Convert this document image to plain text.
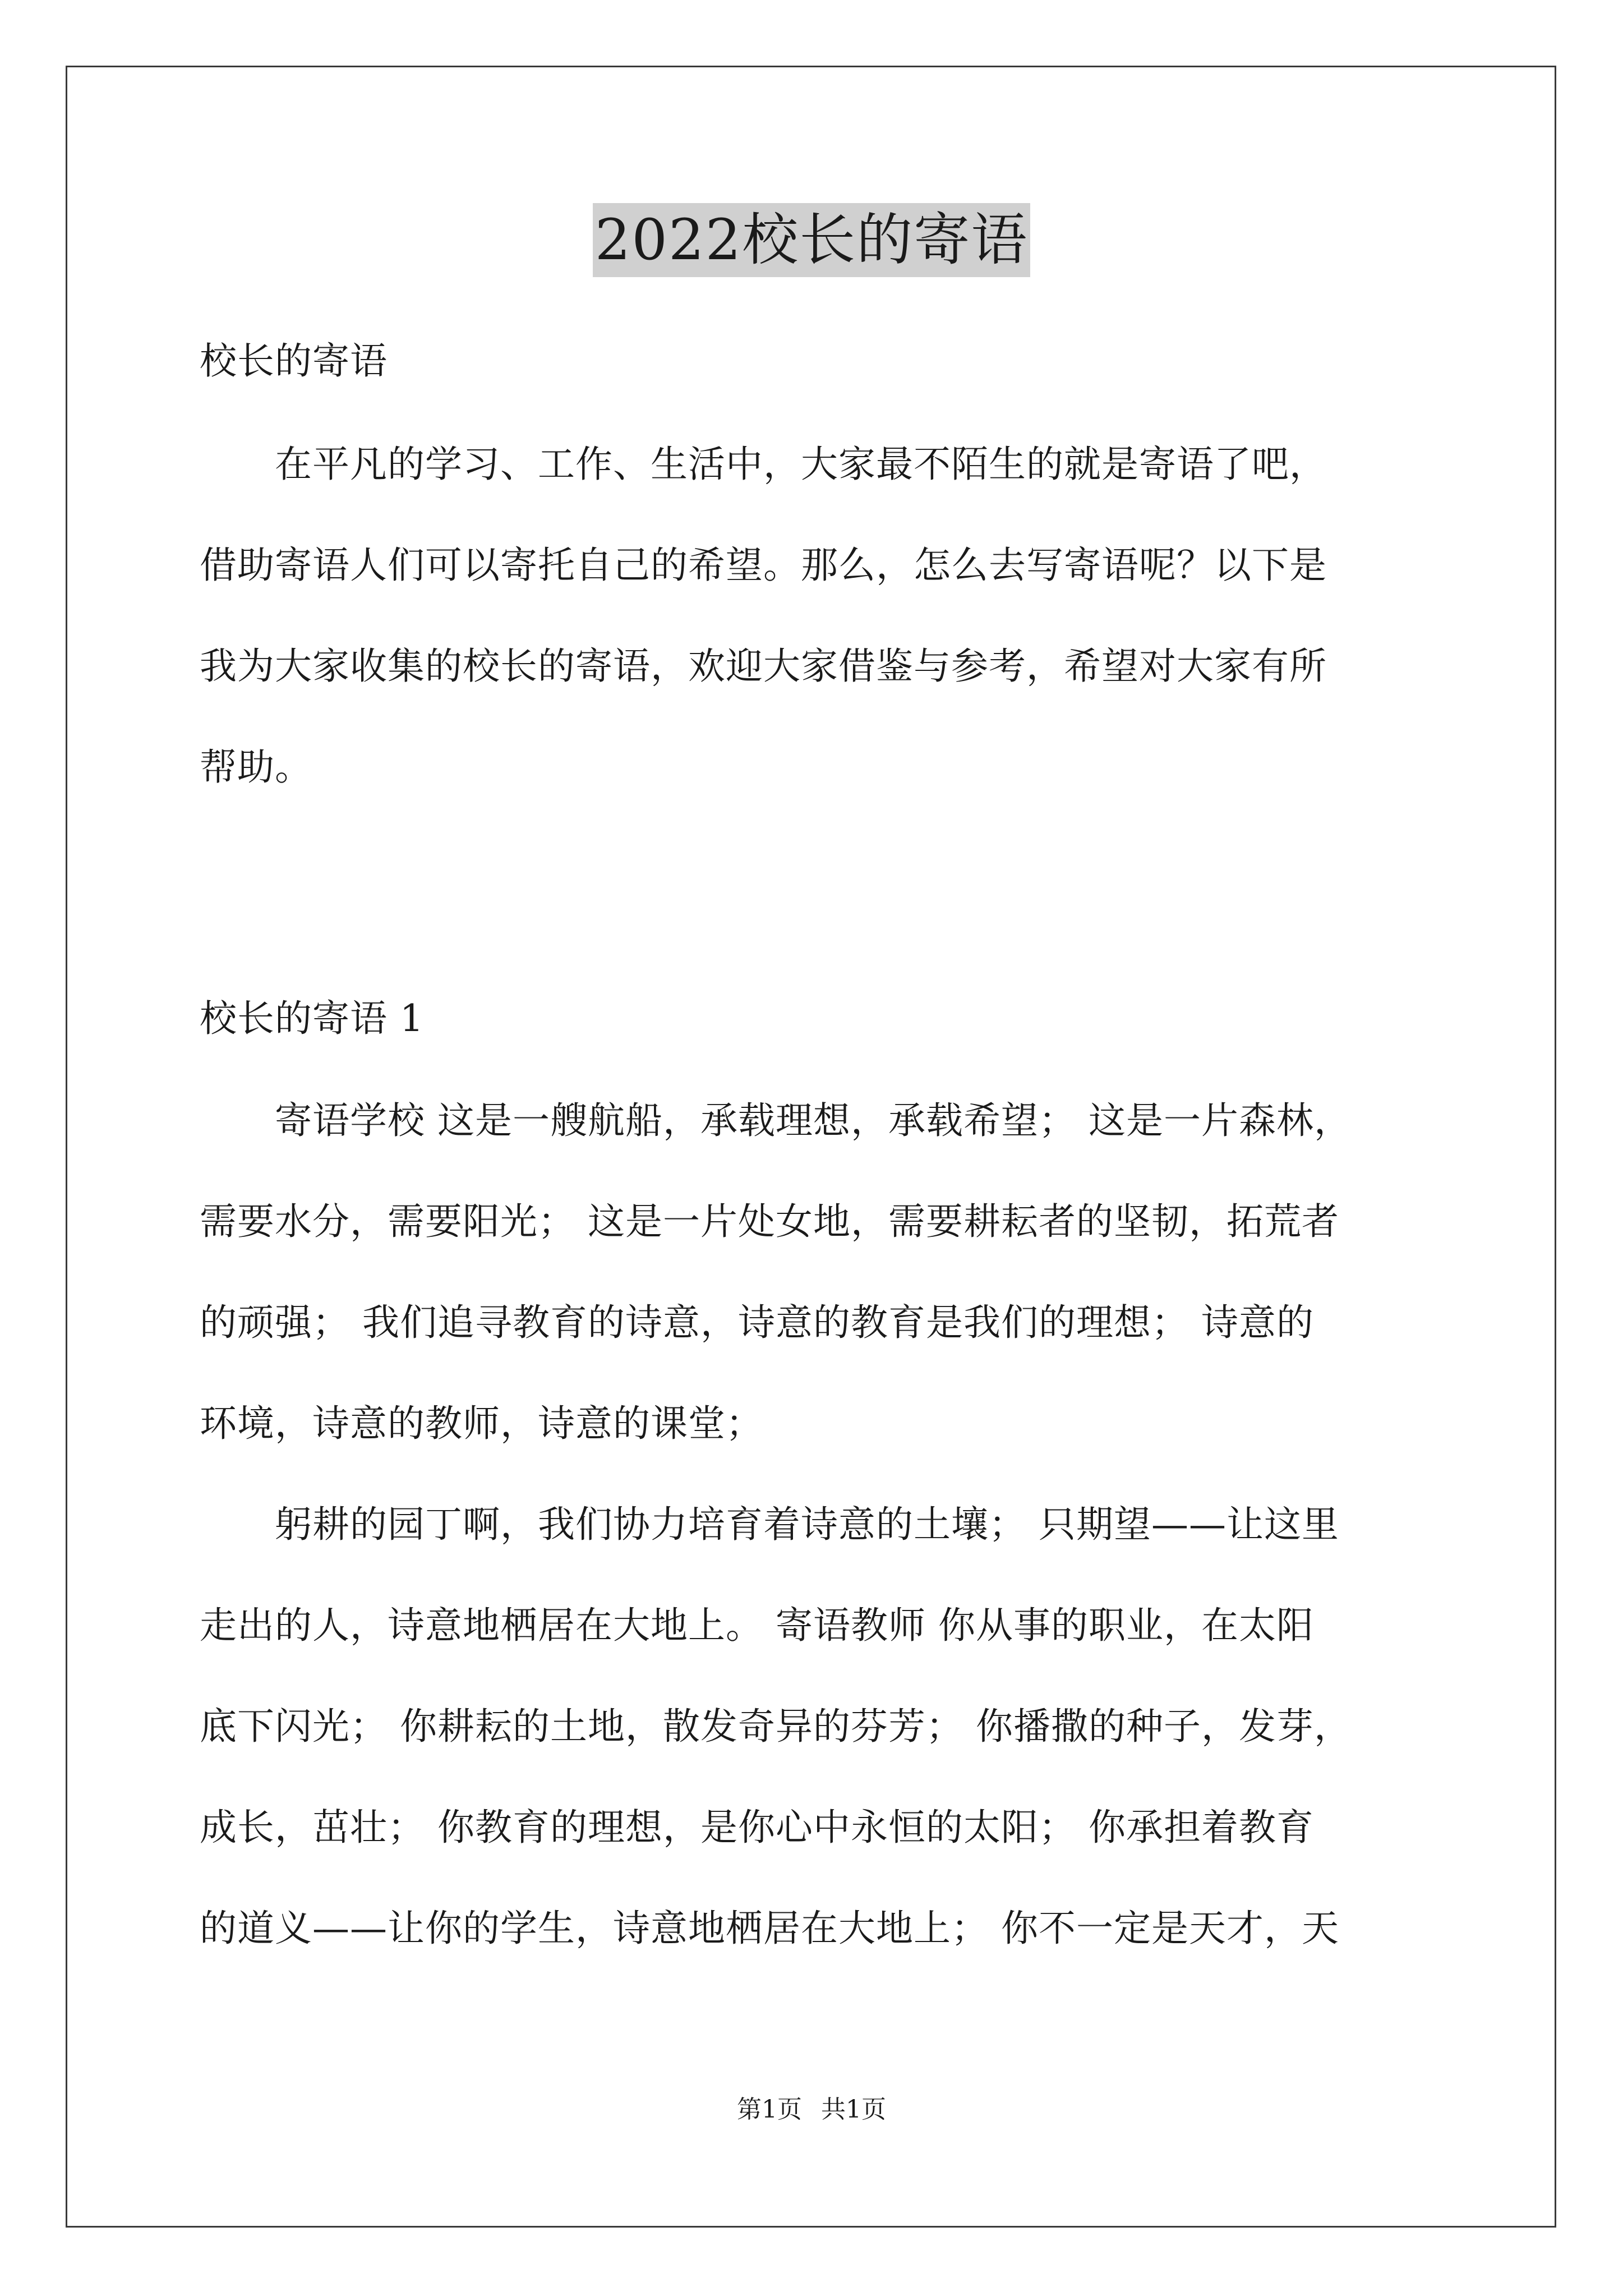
2022校长的寄语
校长的寄语
　　在平凡的学习、工作、生活中，大家最不陌生的就是寄语了吧，
借助寄语人们可以寄托自己的希望。那么，怎么去写寄语呢？以下是
我为大家收集的校长的寄语，欢迎大家借鉴与参考，希望对大家有所
帮助。
校长的寄语 1
　　寄语学校 这是一艘航船，承载理想，承载希望； 这是一片森林，
需要水分，需要阳光； 这是一片处女地，需要耕耘者的坚韧，拓荒者
的顽强； 我们追寻教育的诗意，诗意的教育是我们的理想； 诗意的
环境，诗意的教师，诗意的课堂；
　　躬耕的园丁啊，我们协力培育着诗意的土壤； 只期望——让这里
走出的人，诗意地栖居在大地上。 寄语教师 你从事的职业，在太阳
底下闪光； 你耕耘的土地，散发奇异的芬芳； 你播撒的种子，发芽，
成长，茁壮； 你教育的理想，是你心中永恒的太阳； 你承担着教育
的道义——让你的学生，诗意地栖居在大地上； 你不一定是天才，天
第1页 共1页
